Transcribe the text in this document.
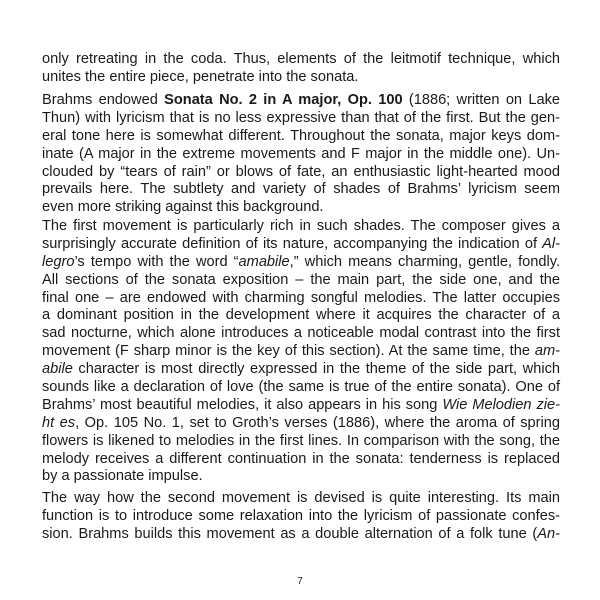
only retreating in the coda. Thus, elements of the leitmotif technique, which
unites the entire piece, penetrate into the sonata.
Brahms endowed Sonata No. 2 in A major, Op. 100 (1886; written on Lake
Thun) with lyricism that is no less expressive than that of the first. But the gen-
eral tone here is somewhat different. Throughout the sonata, major keys dom-
inate (A major in the extreme movements and F major in the middle one). Un-
clouded by “tears of rain” or blows of fate, an enthusiastic light-hearted mood
prevails here. The subtlety and variety of shades of Brahms’ lyricism seem
even more striking against this background.
The first movement is particularly rich in such shades. The composer gives a
surprisingly accurate definition of its nature, accompanying the indication of Al-
legro’s tempo with the word “amabile,” which means charming, gentle, fondly.
All sections of the sonata exposition – the main part, the side one, and the
final one – are endowed with charming songful melodies. The latter occupies
a dominant position in the development where it acquires the character of a
sad nocturne, which alone introduces a noticeable modal contrast into the first
movement (F sharp minor is the key of this section). At the same time, the am-
abile character is most directly expressed in the theme of the side part, which
sounds like a declaration of love (the same is true of the entire sonata). One of
Brahms’ most beautiful melodies, it also appears in his song Wie Melodien zie-
ht es, Op. 105 No. 1, set to Groth’s verses (1886), where the aroma of spring
flowers is likened to melodies in the first lines. In comparison with the song, the
melody receives a different continuation in the sonata: tenderness is replaced
by a passionate impulse.
The way how the second movement is devised is quite interesting. Its main
function is to introduce some relaxation into the lyricism of passionate confes-
sion. Brahms builds this movement as a double alternation of a folk tune (An-
7
